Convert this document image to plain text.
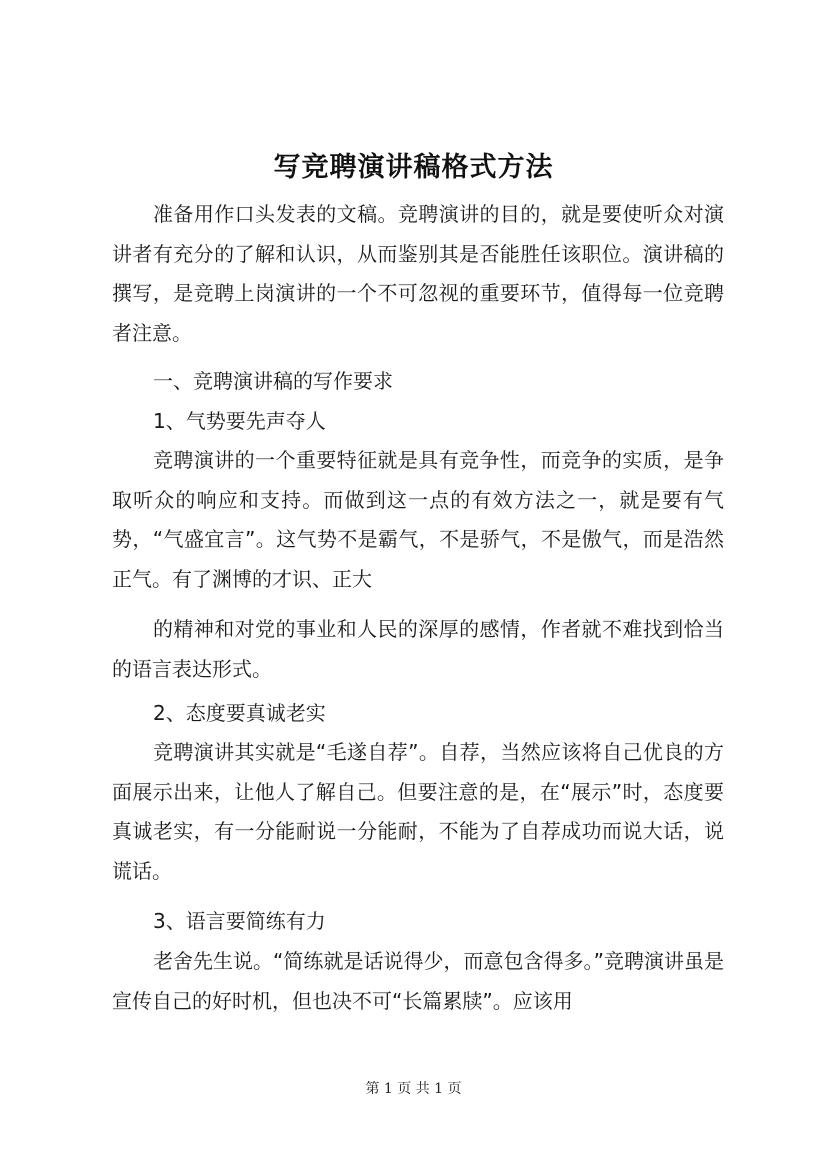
写竞聘演讲稿格式方法
准备用作口头发表的文稿。竞聘演讲的目的，就是要使听众对演讲者有充分的了解和认识，从而鉴别其是否能胜任该职位。演讲稿的撰写，是竞聘上岗演讲的一个不可忽视的重要环节，值得每一位竞聘者注意。
一、竞聘演讲稿的写作要求
1、气势要先声夺人
竞聘演讲的一个重要特征就是具有竞争性，而竞争的实质，是争取听众的响应和支持。而做到这一点的有效方法之一，就是要有气势，“气盛宜言”。这气势不是霸气，不是骄气，不是傲气，而是浩然正气。有了渊博的才识、正大
的精神和对党的事业和人民的深厚的感情，作者就不难找到恰当的语言表达形式。
2、态度要真诚老实
竞聘演讲其实就是“毛遂自荐”。自荐，当然应该将自己优良的方面展示出来，让他人了解自己。但要注意的是，在“展示”时，态度要真诚老实，有一分能耐说一分能耐，不能为了自荐成功而说大话，说谎话。
3、语言要简练有力
老舍先生说。“简练就是话说得少，而意包含得多。”竞聘演讲虽是宣传自己的好时机，但也决不可“长篇累牍”。应该用
第 1 页 共 1 页
